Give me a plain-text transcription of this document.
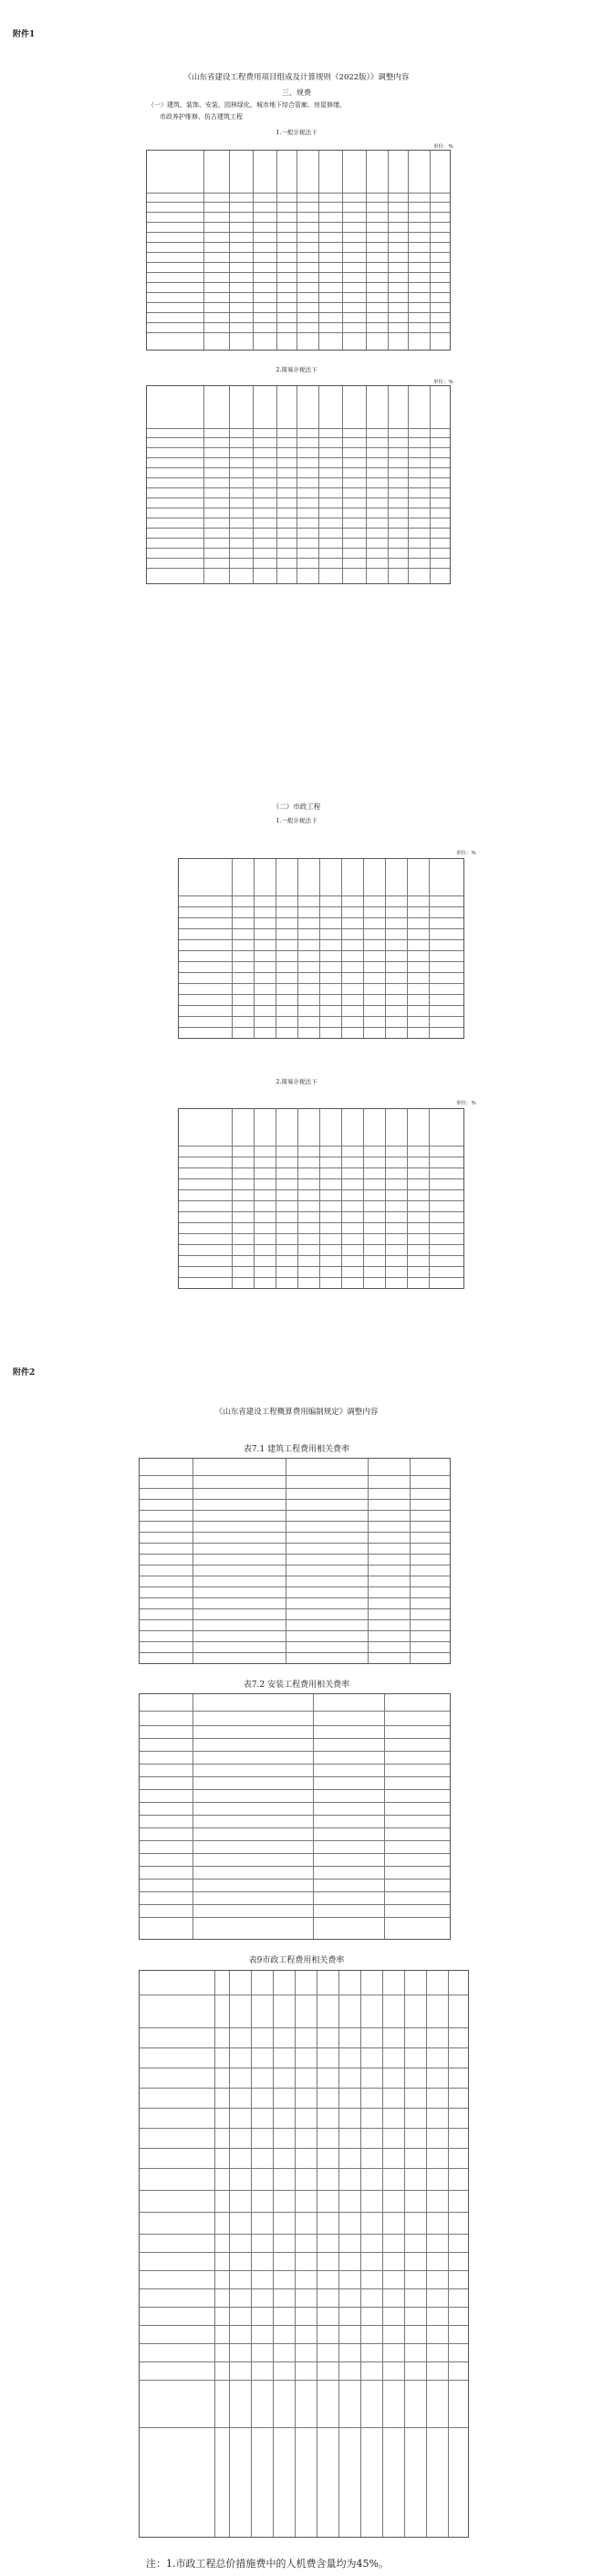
附件1
《山东省建设工程费用项目组成及计算规则（2022版）》调整内容
三、规费
（一）建筑、装饰、安装、园林绿化、城市地下综合管廊、房屋修缮、
市政养护维修、仿古建筑工程
1.一般计税法下
单位：%
2.简易计税法下
单位：%
（二）市政工程
1.一般计税法下
单位：%
2.简易计税法下
单位：%
附件2
《山东省建设工程概算费用编制规定》调整内容
表7.1 建筑工程费用相关费率
表7.2 安装工程费用相关费率
表9市政工程费用相关费率
注：1.市政工程总价措施费中的人机费含量均为45%。
